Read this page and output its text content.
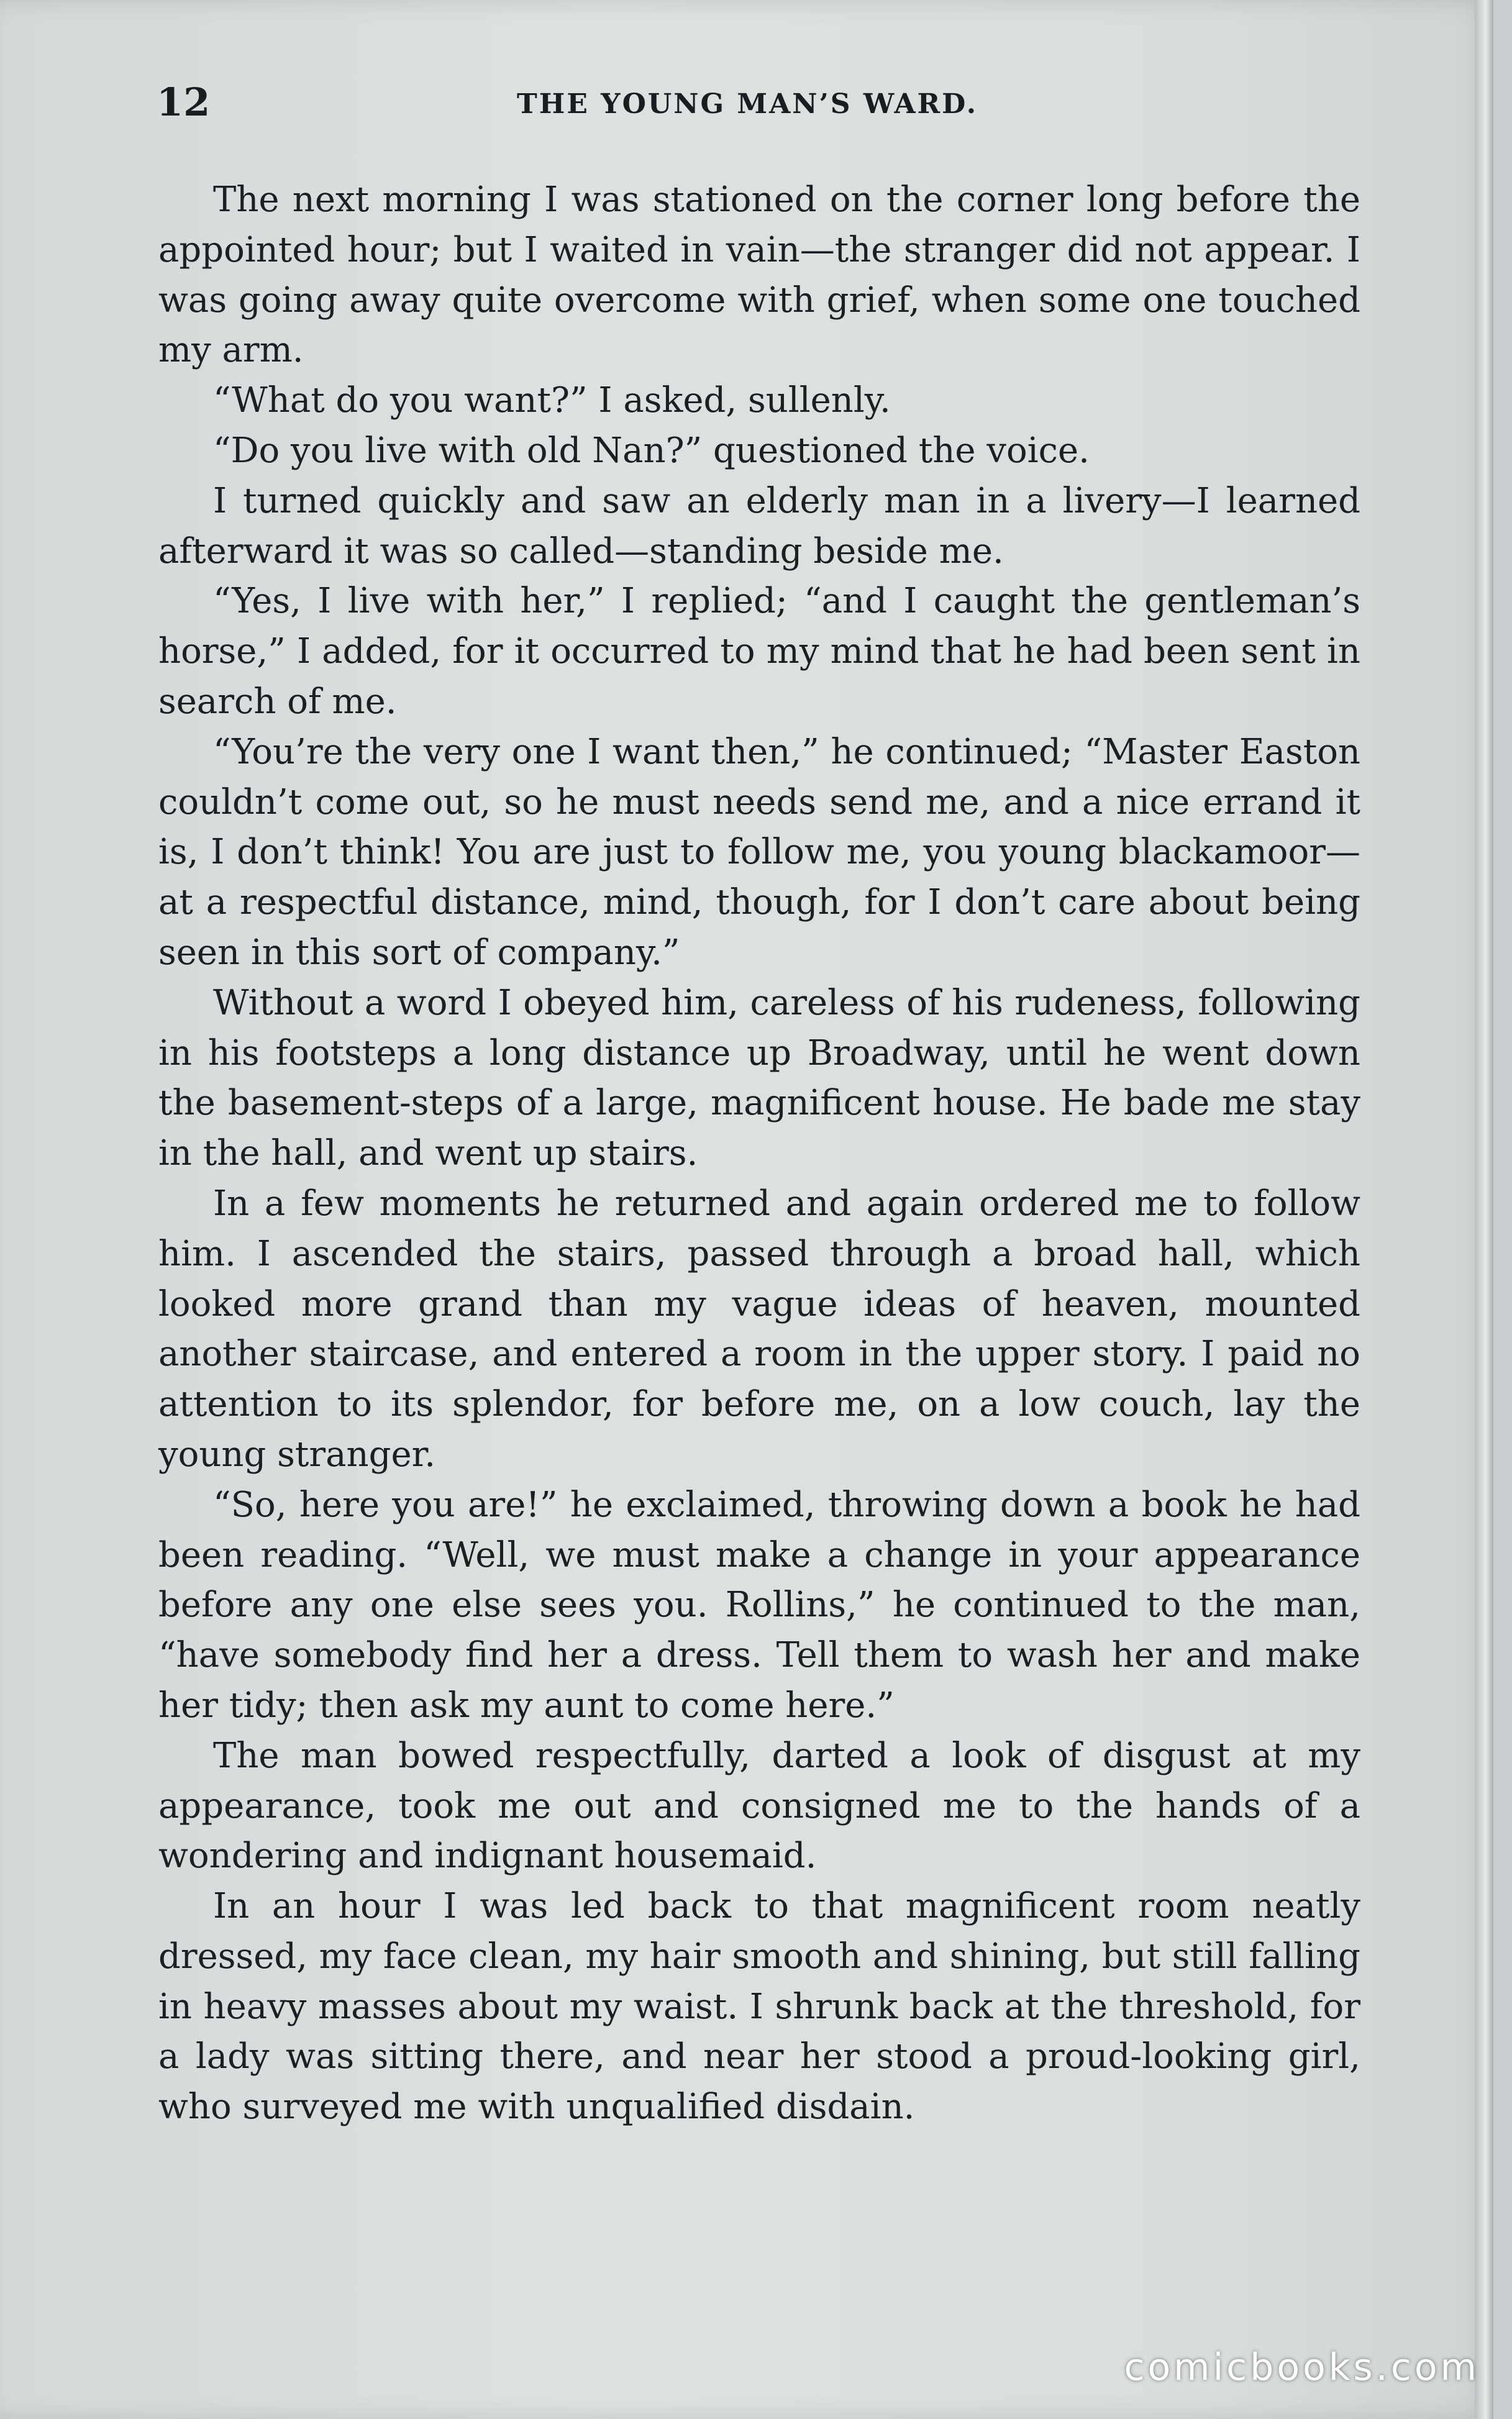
12	THE YOUNG MAN’S WARD.

The next morning I was stationed on the corner long before the appointed hour; but I waited in vain—the stranger did not appear. I was going away quite overcome with grief, when some one touched my arm.

“What do you want?” I asked, sullenly.

“Do you live with old Nan?” questioned the voice.

I turned quickly and saw an elderly man in a livery—I learned afterward it was so called—standing beside me.

“Yes, I live with her,” I replied; “and I caught the gentleman’s horse,” I added, for it occurred to my mind that he had been sent in search of me.

“You’re the very one I want then,” he continued; “Master Easton couldn’t come out, so he must needs send me, and a nice errand it is, I don’t think! You are just to follow me, you young blackamoor—at a respectful distance, mind, though, for I don’t care about being seen in this sort of company.”

Without a word I obeyed him, careless of his rudeness, following in his footsteps a long distance up Broadway, until he went down the basement-steps of a large, magnificent house. He bade me stay in the hall, and went up stairs.

In a few moments he returned and again ordered me to follow him. I ascended the stairs, passed through a broad hall, which looked more grand than my vague ideas of heaven, mounted another staircase, and entered a room in the upper story. I paid no attention to its splendor, for before me, on a low couch, lay the young stranger.

“So, here you are!” he exclaimed, throwing down a book he had been reading. “Well, we must make a change in your appearance before any one else sees you. Rollins,” he continued to the man, “have somebody find her a dress. Tell them to wash her and make her tidy; then ask my aunt to come here.”

The man bowed respectfully, darted a look of disgust at my appearance, took me out and consigned me to the hands of a wondering and indignant housemaid.

In an hour I was led back to that magnificent room neatly dressed, my face clean, my hair smooth and shining, but still falling in heavy masses about my waist. I shrunk back at the threshold, for a lady was sitting there, and near her stood a proud-looking girl, who surveyed me with unqualified disdain.

comicbooks.com
